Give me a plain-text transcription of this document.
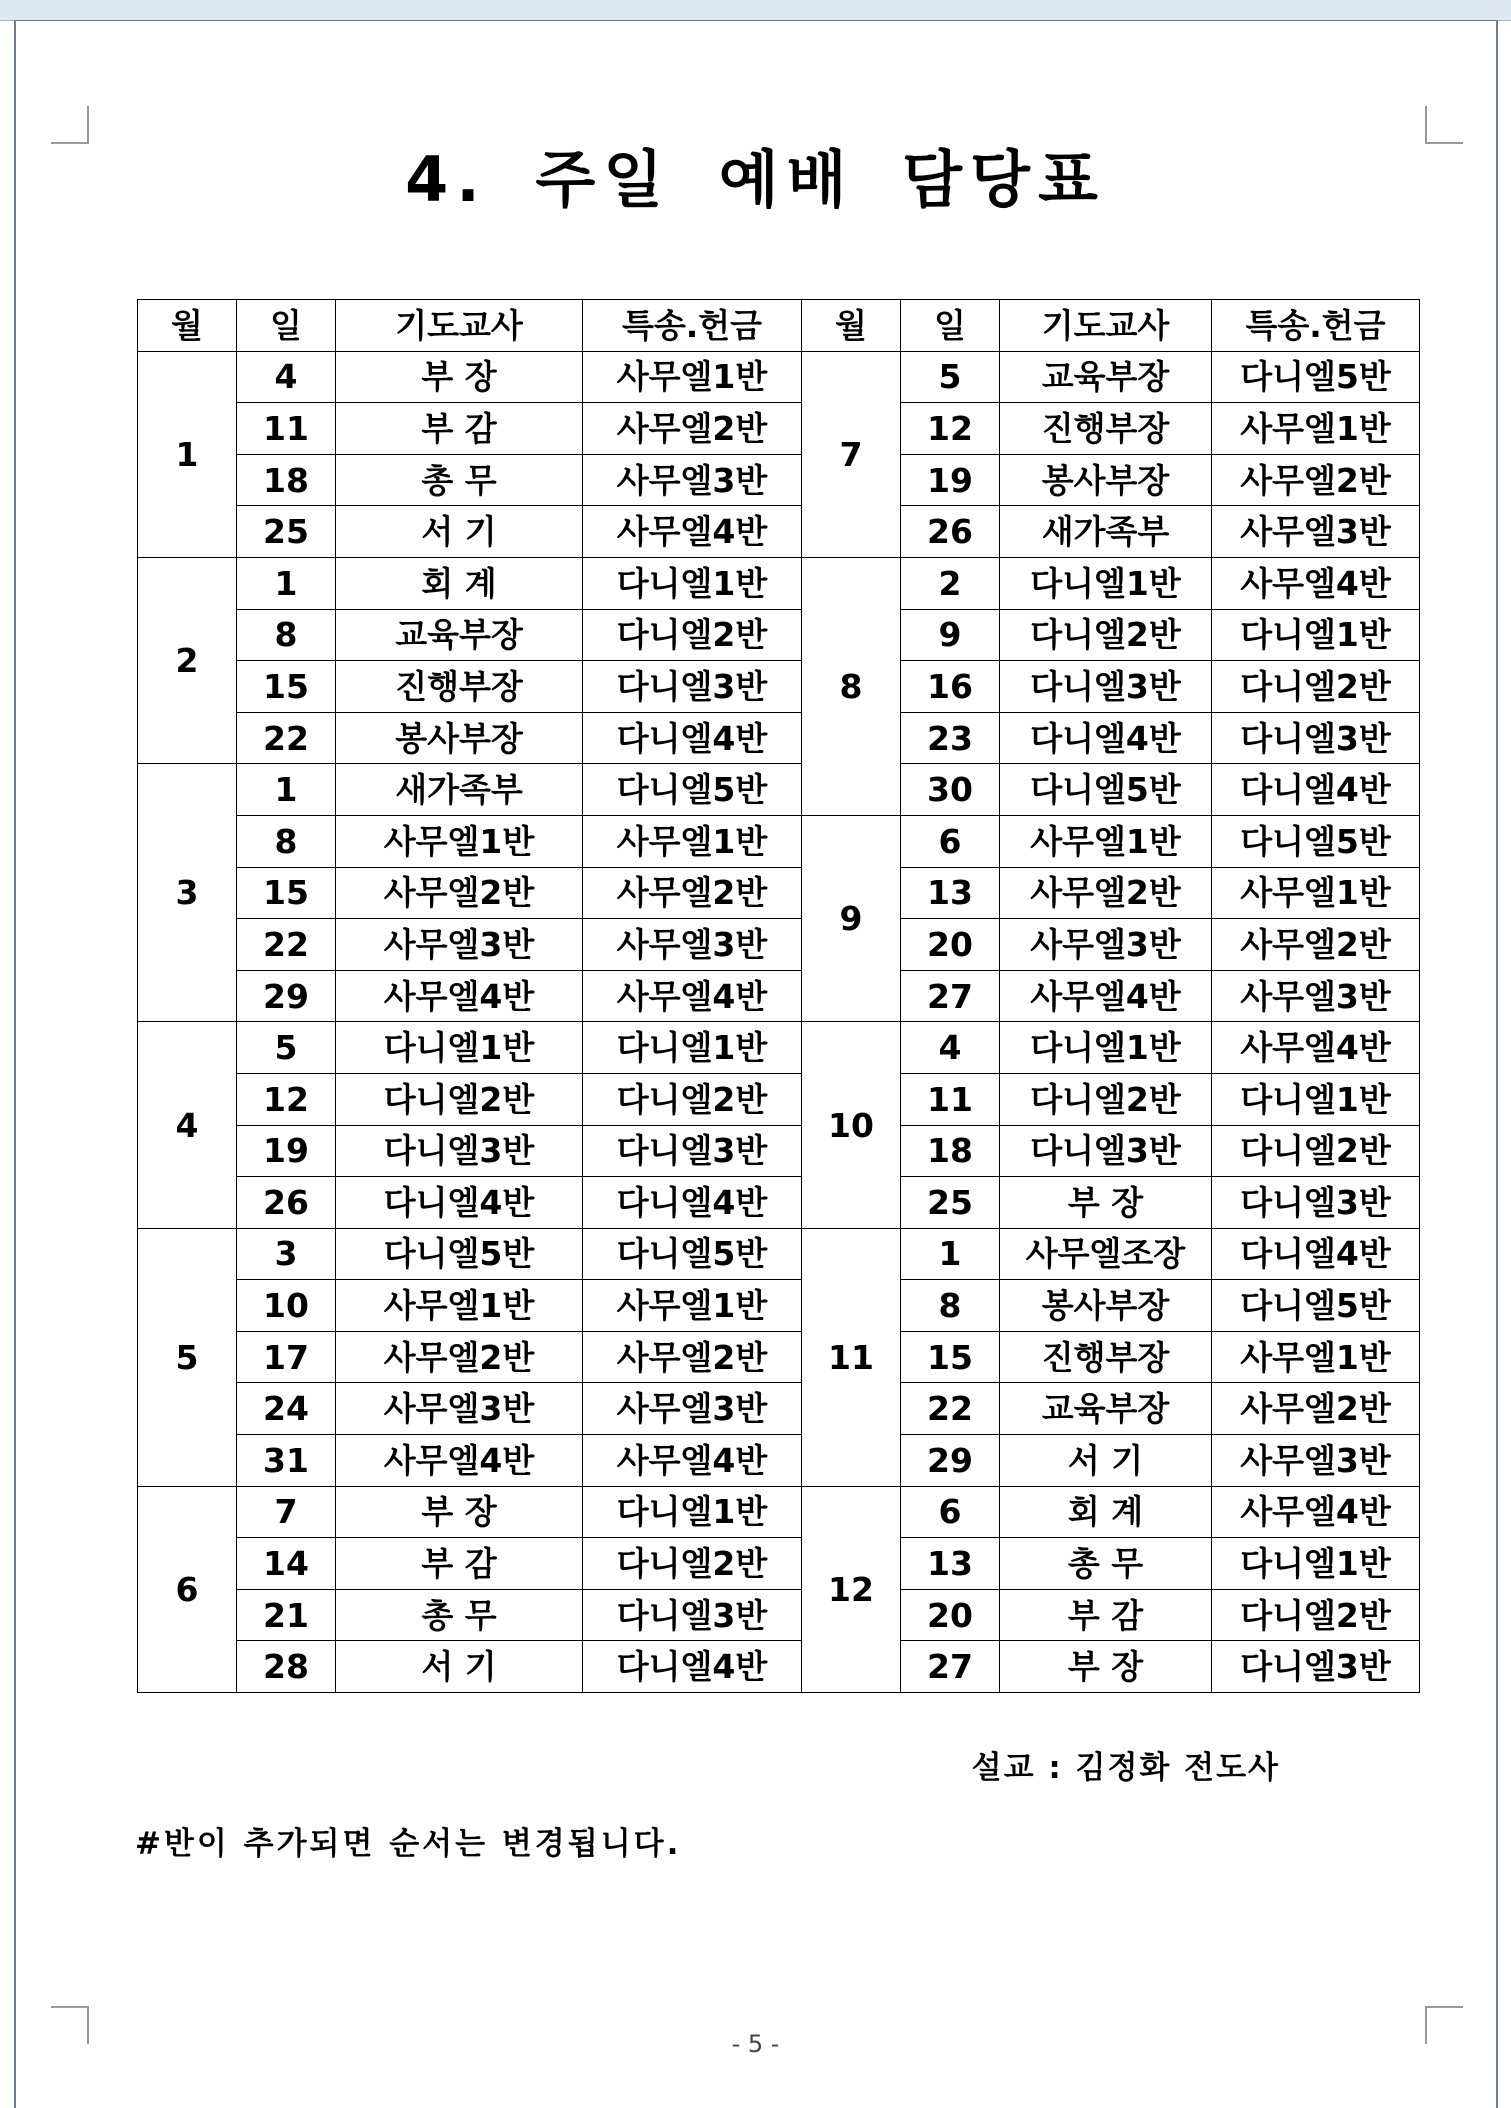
4. 주일 예배 담당표
월	일	기도교사	특송.헌금	월	일	기도교사	특송.헌금
1	4	부 장	사무엘1반	7	5	교육부장	다니엘5반
	11	부 감	사무엘2반		12	진행부장	사무엘1반
	18	총 무	사무엘3반		19	봉사부장	사무엘2반
	25	서 기	사무엘4반		26	새가족부	사무엘3반
2	1	회 계	다니엘1반	8	2	다니엘1반	사무엘4반
	8	교육부장	다니엘2반		9	다니엘2반	다니엘1반
	15	진행부장	다니엘3반		16	다니엘3반	다니엘2반
	22	봉사부장	다니엘4반		23	다니엘4반	다니엘3반
3	1	새가족부	다니엘5반		30	다니엘5반	다니엘4반
	8	사무엘1반	사무엘1반	9	6	사무엘1반	다니엘5반
	15	사무엘2반	사무엘2반		13	사무엘2반	사무엘1반
	22	사무엘3반	사무엘3반		20	사무엘3반	사무엘2반
	29	사무엘4반	사무엘4반		27	사무엘4반	사무엘3반
4	5	다니엘1반	다니엘1반	10	4	다니엘1반	사무엘4반
	12	다니엘2반	다니엘2반		11	다니엘2반	다니엘1반
	19	다니엘3반	다니엘3반		18	다니엘3반	다니엘2반
	26	다니엘4반	다니엘4반		25	부 장	다니엘3반
5	3	다니엘5반	다니엘5반	11	1	사무엘조장	다니엘4반
	10	사무엘1반	사무엘1반		8	봉사부장	다니엘5반
	17	사무엘2반	사무엘2반		15	진행부장	사무엘1반
	24	사무엘3반	사무엘3반		22	교육부장	사무엘2반
	31	사무엘4반	사무엘4반		29	서 기	사무엘3반
6	7	부 장	다니엘1반	12	6	회 계	사무엘4반
	14	부 감	다니엘2반		13	총 무	다니엘1반
	21	총 무	다니엘3반		20	부 감	다니엘2반
	28	서 기	다니엘4반		27	부 장	다니엘3반
설교 : 김정화 전도사
#반이 추가되면 순서는 변경됩니다.
- 5 -
